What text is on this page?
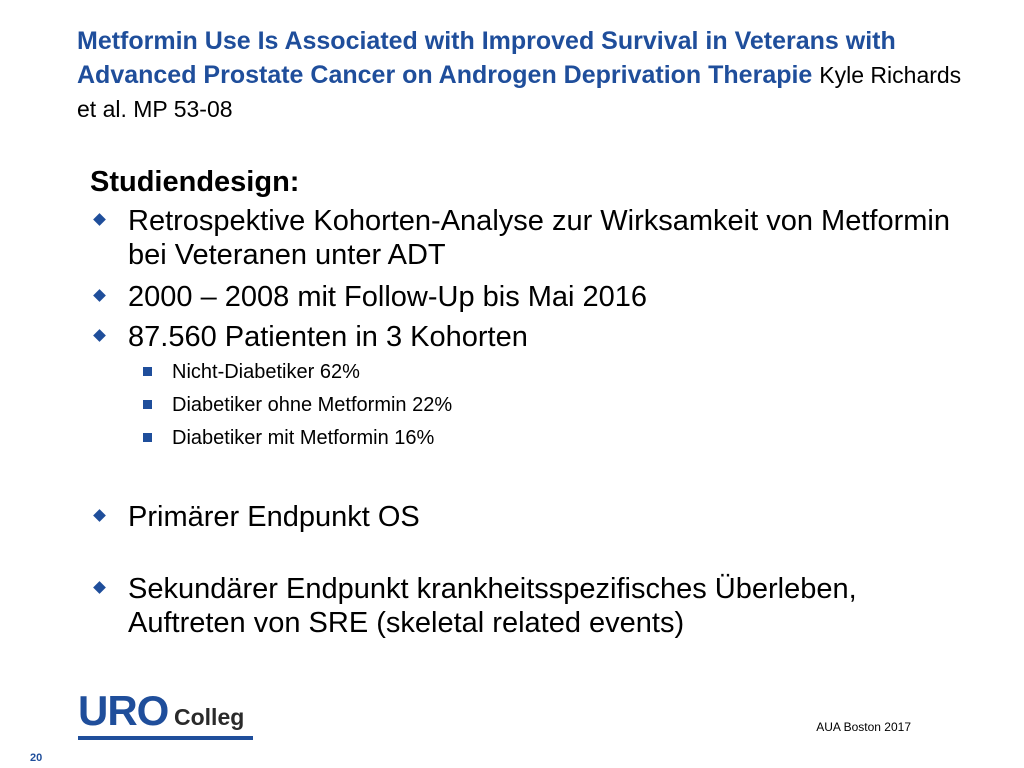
Metformin Use Is Associated with Improved Survival in Veterans with Advanced Prostate Cancer on Androgen Deprivation Therapie Kyle Richards et al. MP 53-08
Studiendesign:
Retrospektive Kohorten-Analyse zur Wirksamkeit von Metformin bei Veteranen unter ADT
2000 – 2008 mit Follow-Up bis Mai 2016
87.560 Patienten in 3 Kohorten
Nicht-Diabetiker 62%
Diabetiker ohne Metformin 22%
Diabetiker mit Metformin 16%
Primärer Endpunkt OS
Sekundärer Endpunkt krankheitsspezifisches Überleben, Auftreten von SRE (skeletal related events)
URO Colleg	AUA Boston 2017
20
